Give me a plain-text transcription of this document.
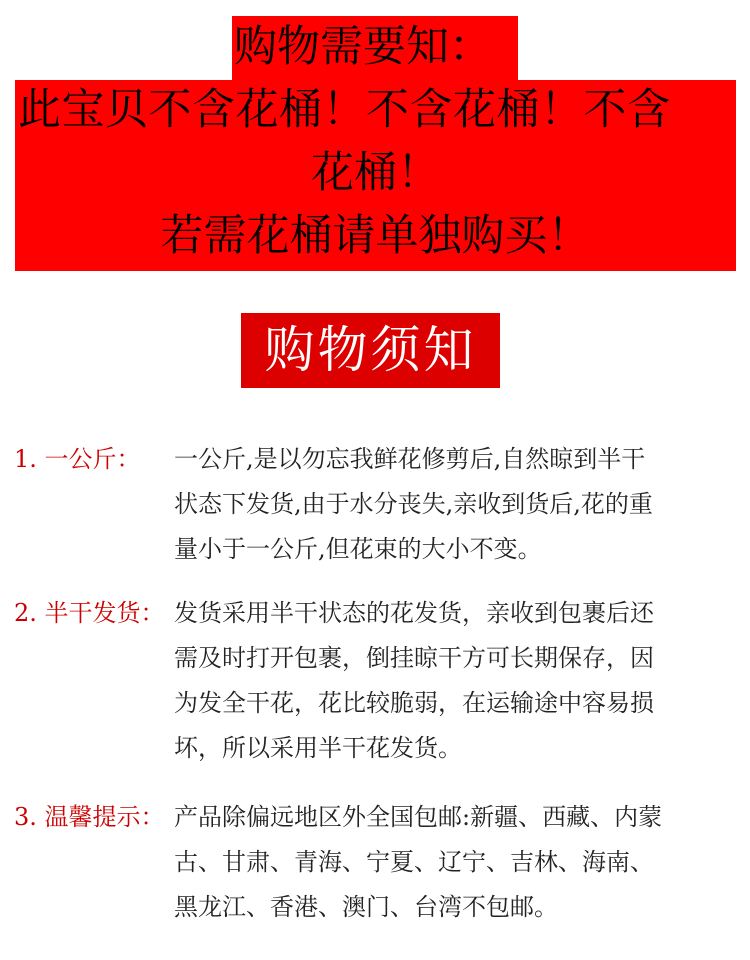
购物需要知：
此宝贝不含花桶！不含花桶！不含
花桶！
若需花桶请单独购买！
购物须知
1. 一公斤： 一公斤,是以勿忘我鲜花修剪后,自然晾到半干
状态下发货,由于水分丧失,亲收到货后,花的重
量小于一公斤,但花束的大小不变。
2. 半干发货： 发货采用半干状态的花发货，亲收到包裹后还
需及时打开包裹，倒挂晾干方可长期保存，因
为发全干花，花比较脆弱，在运输途中容易损
坏，所以采用半干花发货。
3. 温馨提示： 产品除偏远地区外全国包邮:新疆、西藏、内蒙
古、甘肃、青海、宁夏、辽宁、吉林、海南、
黑龙江、香港、澳门、台湾不包邮。
